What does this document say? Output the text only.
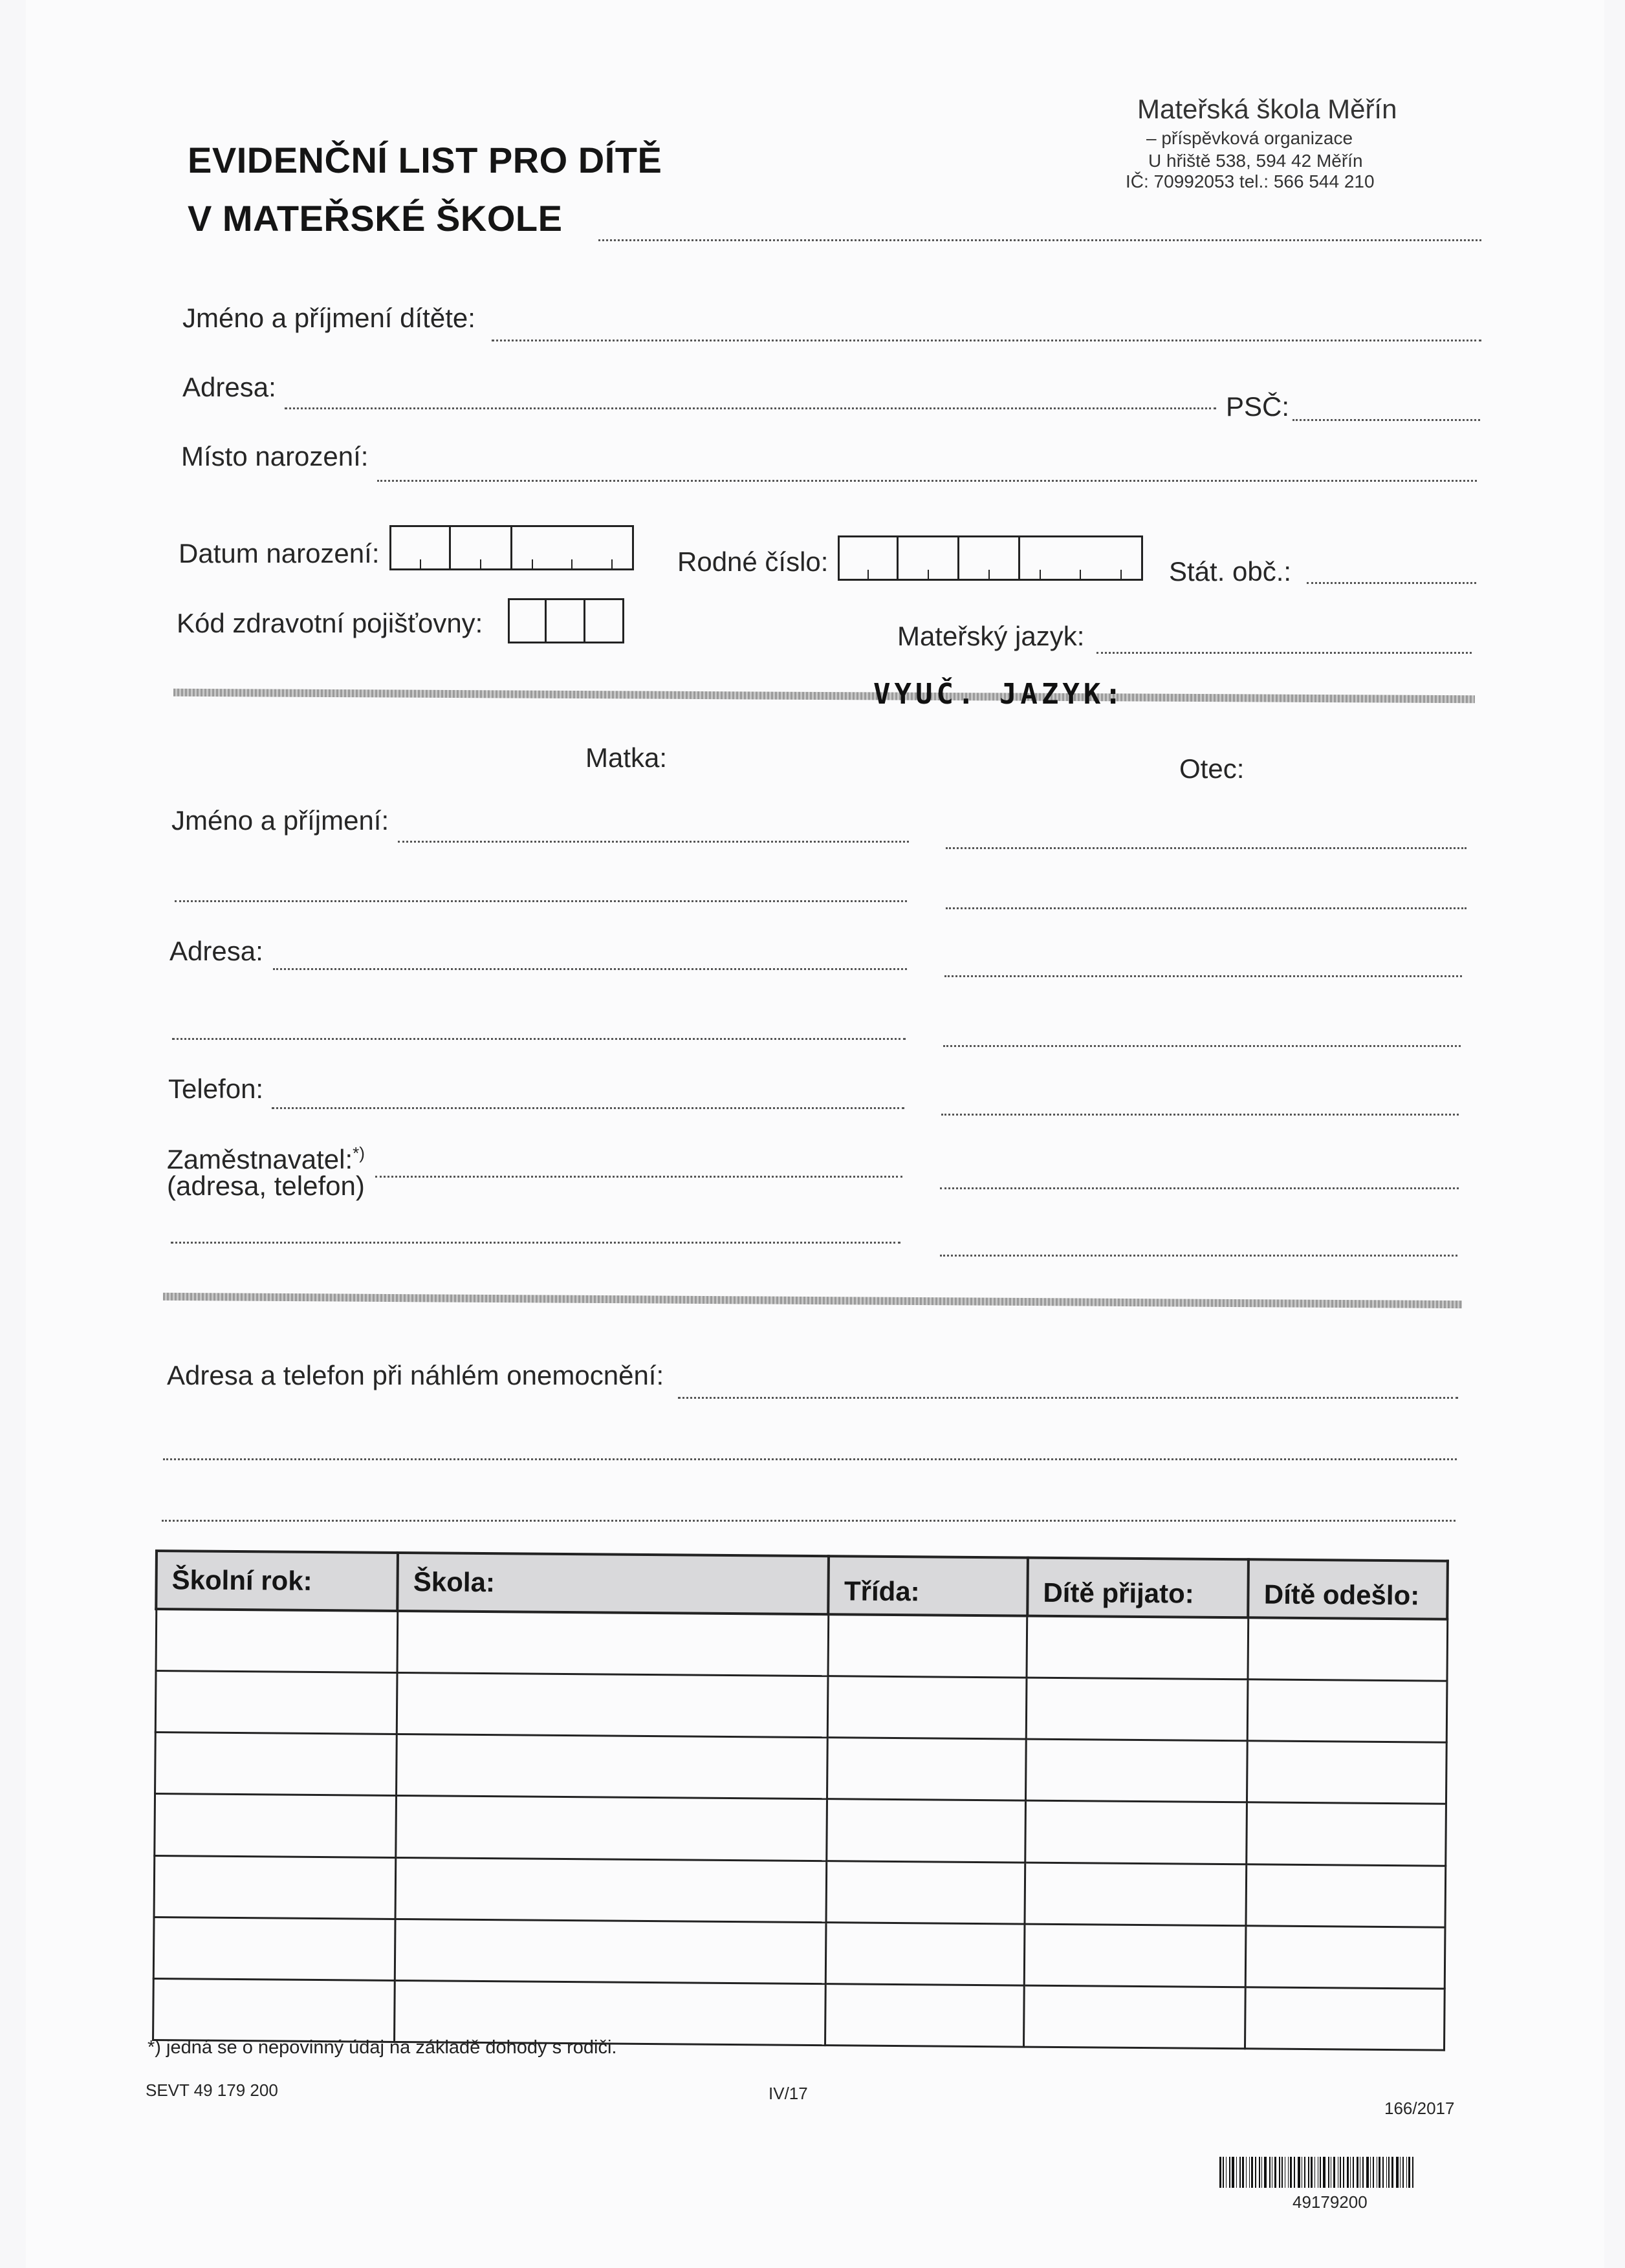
EVIDENČNÍ LIST PRO DÍTĚ
V MATEŘSKÉ ŠKOLE
Mateřská škola Měřín
– příspěvková organizace
U hřiště 538, 594 42 Měřín
IČ: 70992053 tel.: 566 544 210
Jméno a příjmení dítěte:
Adresa:
PSČ:
Místo narození:
Datum narození:	Rodné číslo:	Stát. obč.:
Kód zdravotní pojišťovny:	Mateřský jazyk:
VYUČ. JAZYK:
Matka:	Otec:
Jméno a příjmení:
Adresa:
Telefon:
Zaměstnavatel:*)
(adresa, telefon)
Adresa a telefon při náhlém onemocnění:
Školní rok:	Škola:	Třída:	Dítě přijato:	Dítě odešlo:

*) jedná se o nepovinný údaj na základě dohody s rodiči.
SEVT 49 179 200	IV/17
166/2017
49179200
